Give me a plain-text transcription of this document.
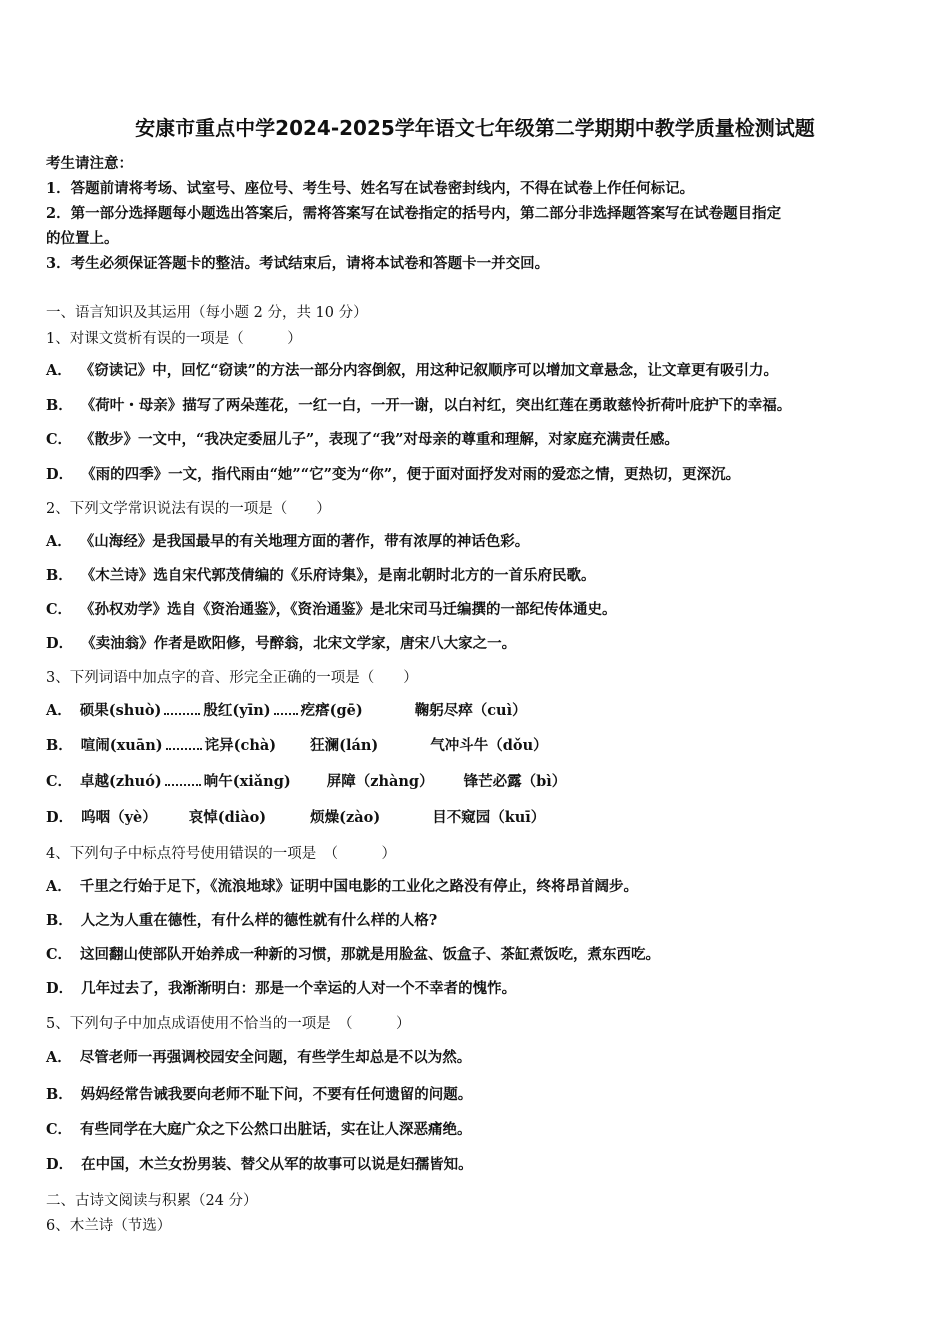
安康市重点中学2024-2025学年语文七年级第二学期期中教学质量检测试题
考生请注意：
1．答题前请将考场、试室号、座位号、考生号、姓名写在试卷密封线内，不得在试卷上作任何标记。
2．第一部分选择题每小题选出答案后，需将答案写在试卷指定的括号内，第二部分非选择题答案写在试卷题目指定
的位置上。
3．考生必须保证答题卡的整洁。考试结束后，请将本试卷和答题卡一并交回。
一、语言知识及其运用（每小题 2 分，共 10 分）
1、对课文赏析有误的一项是（　　　）
A． 《窃读记》中，回忆“窃读”的方法一部分内容倒叙，用这种记叙顺序可以增加文章悬念，让文章更有吸引力。
B． 《荷叶・母亲》描写了两朵莲花，一红一白，一开一谢，以白衬红，突出红莲在勇敢慈怜折荷叶庇护下的幸福。
C． 《散步》一文中，“我决定委屈儿子”，表现了“我”对母亲的尊重和理解，对家庭充满责任感。
D． 《雨的四季》一文，指代雨由“她”“它”变为“你”，便于面对面抒发对雨的爱恋之情，更热切，更深沉。
2、下列文学常识说法有误的一项是（　　）
A． 《山海经》是我国最早的有关地理方面的著作，带有浓厚的神话色彩。
B． 《木兰诗》选自宋代郭茂倩编的《乐府诗集》，是南北朝时北方的一首乐府民歌。
C． 《孙权劝学》选自《资治通鉴》，《资治通鉴》是北宋司马迁编撰的一部纪传体通史。
D． 《卖油翁》作者是欧阳修，号醉翁，北宋文学家，唐宋八大家之一。
3、下列词语中加点字的音、形完全正确的一项是（　　）
A． 硕果(shuò)	殷红(yīn) 疙瘩(gē)	鞠躬尽瘁（cuì）
B． 喧闹(xuān)	诧异(chà) 狂澜(lán)	气冲斗牛（dǒu）
C． 卓越(zhuó)	晌午(xiǎng) 屏障（zhàng） 锋芒必露（bì）
D． 呜咽（yè） 哀悼(diào)	烦燥(zào)	目不窥园（kuī）
4、下列句子中标点符号使用错误的一项是　（　　　）
A． 千里之行始于足下，《流浪地球》证明中国电影的工业化之路没有停止，终将昂首阔步。
B． 人之为人重在德性，有什么样的德性就有什么样的人格?
C． 这回翻山使部队开始养成一种新的习惯，那就是用脸盆、饭盒子、茶缸煮饭吃，煮东西吃。
D． 几年过去了，我渐渐明白：那是一个幸运的人对一个不幸者的愧怍。
5、下列句子中加点成语使用不恰当的一项是　（　　　）
A． 尽管老师一再强调校园安全问题，有些学生却总是不以为然。
B． 妈妈经常告诫我要向老师不耻下问，不要有任何遗留的问题。
C． 有些同学在大庭广众之下公然口出脏话，实在让人深恶痛绝。
D． 在中国，木兰女扮男装、替父从军的故事可以说是妇孺皆知。
二、古诗文阅读与积累（24 分）
6、木兰诗（节选）
